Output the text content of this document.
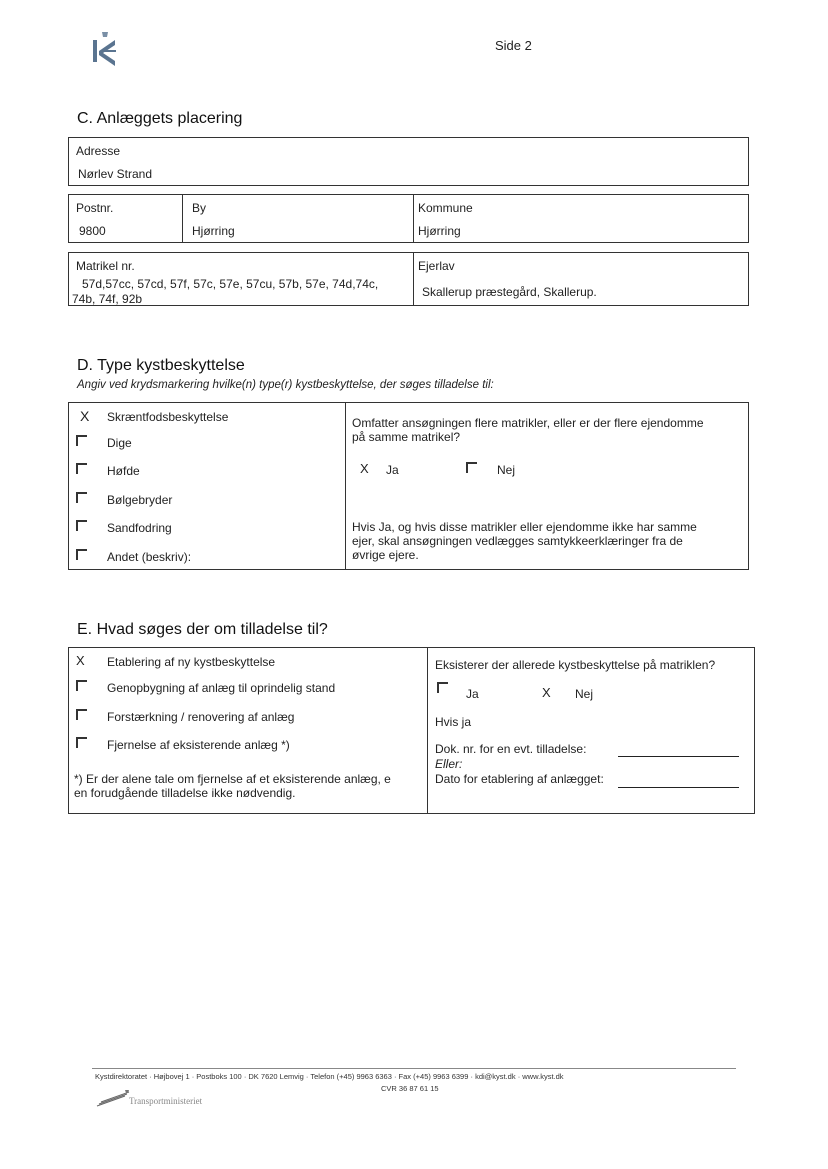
Side 2
C. Anlæggets placering
Adresse
Nørlev Strand
Postnr.
9800
By
Hjørring
Kommune
Hjørring
Matrikel nr.
57d,57cc, 57cd, 57f, 57c, 57e, 57cu, 57b, 57e, 74d,74c,
74b, 74f, 92b
Ejerlav
Skallerup præstegård, Skallerup.
D. Type kystbeskyttelse
Angiv ved krydsmarkering hvilke(n) type(r) kystbeskyttelse, der søges tilladelse til:
X Skræntfodsbeskyttelse
Dige
Høfde
Bølgebryder
Sandfodring
Andet (beskriv):
Omfatter ansøgningen flere matrikler, eller er der flere ejendomme
på samme matrikel?
X Ja	Nej
Hvis Ja, og hvis disse matrikler eller ejendomme ikke har samme
ejer, skal ansøgningen vedlægges samtykkeerklæringer fra de
øvrige ejere.
E. Hvad søges der om tilladelse til?
X Etablering af ny kystbeskyttelse
Genopbygning af anlæg til oprindelig stand
Forstærkning / renovering af anlæg
Fjernelse af eksisterende anlæg *)
*) Er der alene tale om fjernelse af et eksisterende anlæg, e
en forudgående tilladelse ikke nødvendig.
Eksisterer der allerede kystbeskyttelse på matriklen?
Ja	X Nej
Hvis ja
Dok. nr. for en evt. tilladelse:
Eller:
Dato for etablering af anlægget:
Kystdirektoratet · Højbovej 1 · Postboks 100 · DK 7620 Lemvig · Telefon (+45) 9963 6363 · Fax (+45) 9963 6399 · kdi@kyst.dk · www.kyst.dk
CVR 36 87 61 15
Transportministeriet
